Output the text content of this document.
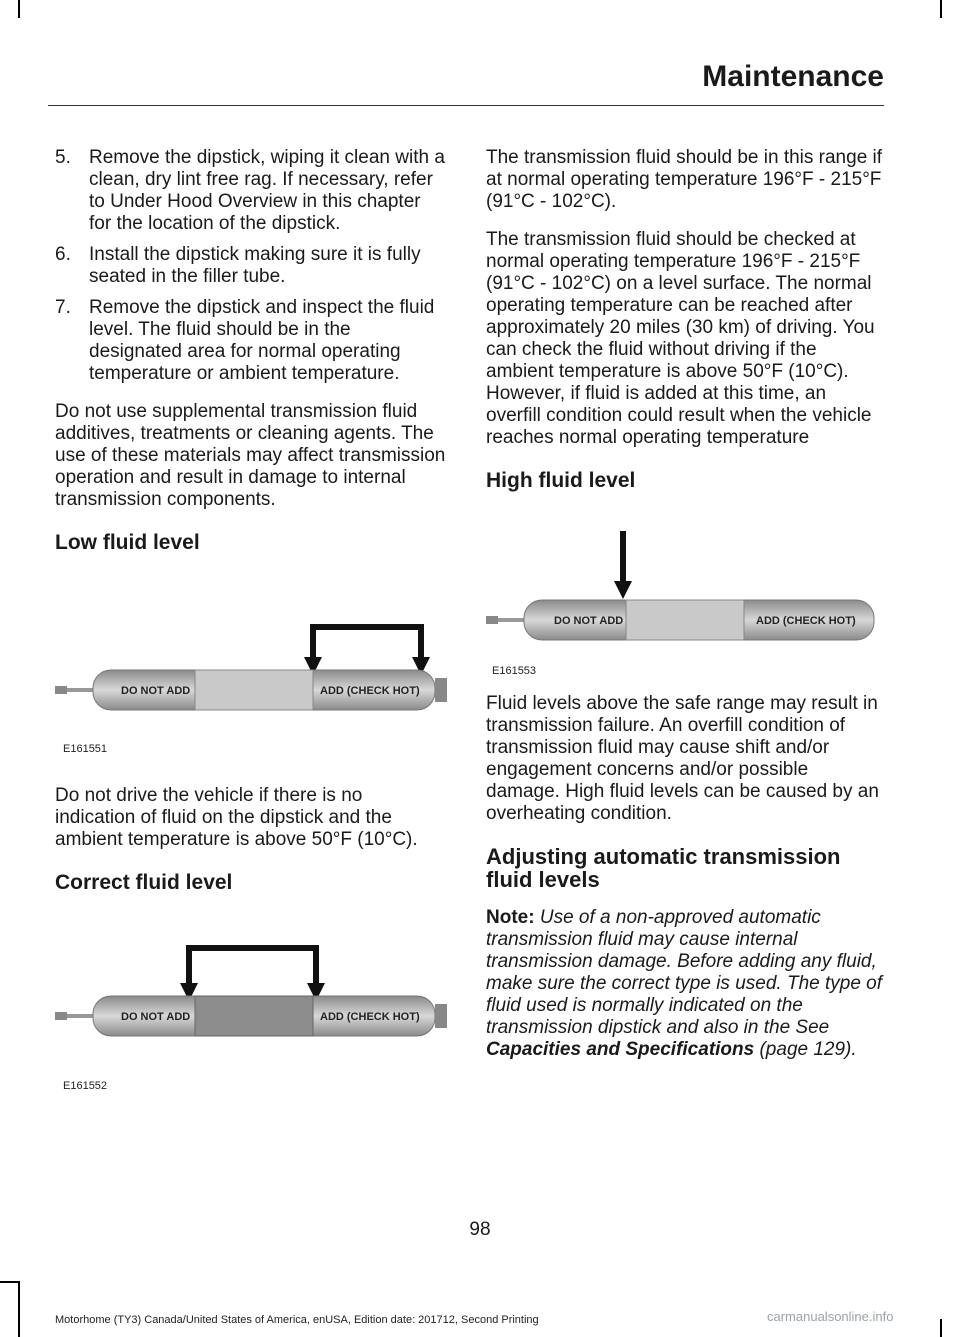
Maintenance
5. Remove the dipstick, wiping it clean with a clean, dry lint free rag. If necessary, refer to Under Hood Overview in this chapter for the location of the dipstick.
6. Install the dipstick making sure it is fully seated in the filler tube.
7. Remove the dipstick and inspect the fluid level. The fluid should be in the designated area for normal operating temperature or ambient temperature.

Do not use supplemental transmission fluid additives, treatments or cleaning agents. The use of these materials may affect transmission operation and result in damage to internal transmission components.

Low fluid level
DO NOT ADD	ADD (CHECK HOT)
E161551

Do not drive the vehicle if there is no indication of fluid on the dipstick and the ambient temperature is above 50°F (10°C).

Correct fluid level
DO NOT ADD	ADD (CHECK HOT)
E161552

The transmission fluid should be in this range if at normal operating temperature 196°F - 215°F (91°C - 102°C).

The transmission fluid should be checked at normal operating temperature 196°F - 215°F (91°C - 102°C) on a level surface. The normal operating temperature can be reached after approximately 20 miles (30 km) of driving. You can check the fluid without driving if the ambient temperature is above 50°F (10°C). However, if fluid is added at this time, an overfill condition could result when the vehicle reaches normal operating temperature

High fluid level
DO NOT ADD	ADD (CHECK HOT)
E161553

Fluid levels above the safe range may result in transmission failure. An overfill condition of transmission fluid may cause shift and/or engagement concerns and/or possible damage. High fluid levels can be caused by an overheating condition.

Adjusting automatic transmission fluid levels

Note: Use of a non-approved automatic transmission fluid may cause internal transmission damage. Before adding any fluid, make sure the correct type is used. The type of fluid used is normally indicated on the transmission dipstick and also in the See Capacities and Specifications (page 129).

98
Motorhome (TY3) Canada/United States of America, enUSA, Edition date: 201712, Second Printing	carmanualsonline.info
